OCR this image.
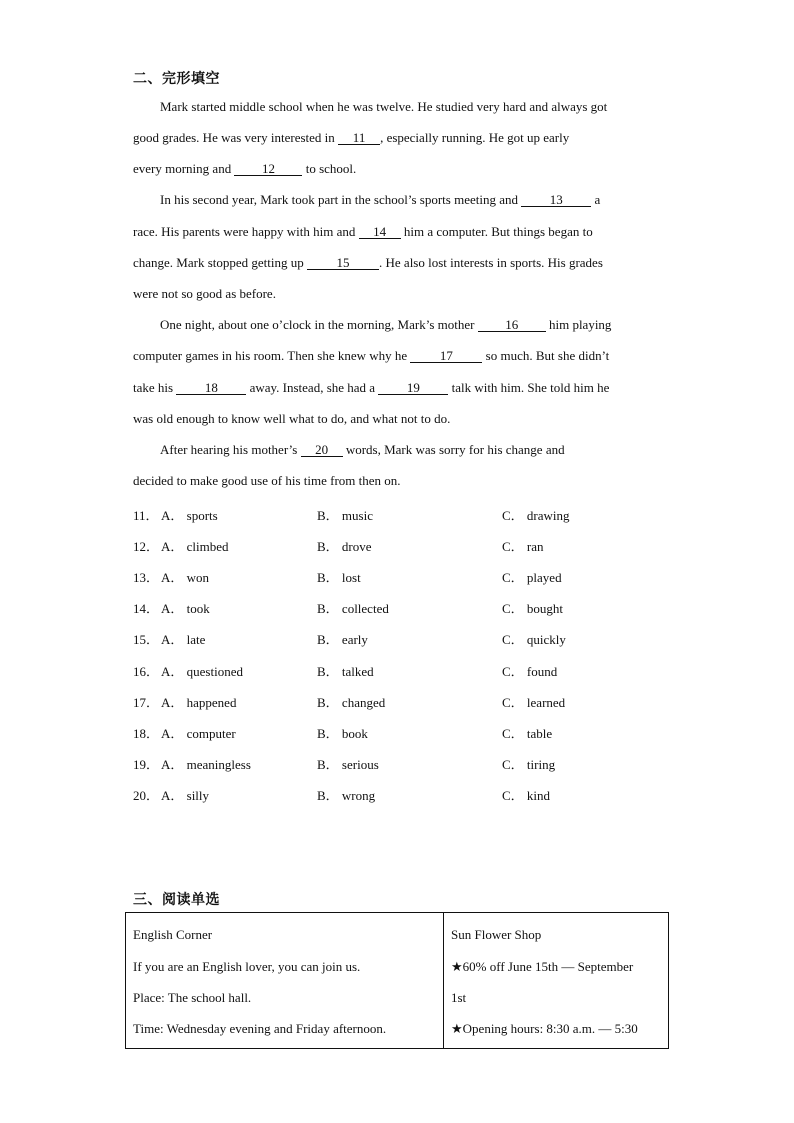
二、完形填空
Mark started middle school when he was twelve. He studied very hard and always got
good grades. He was very interested in 11 , especially running. He got up early
every morning and 12 to school.
In his second year, Mark took part in the school’s sports meeting and 13 a
race. His parents were happy with him and 14 him a computer. But things began to
change. Mark stopped getting up 15 . He also lost interests in sports. His grades
were not so good as before.
One night, about one o’clock in the morning, Mark’s mother 16 him playing
computer games in his room. Then she knew why he 17 so much. But she didn’t
take his 18 away. Instead, she had a 19 talk with him. She told him he
was old enough to know well what to do, and what not to do.
After hearing his mother’s 20 words, Mark was sorry for his change and
decided to make good use of his time from then on.
11． A． sports	B． music	C． drawing
12． A． climbed	B． drove	C． ran
13． A． won	B． lost	C． played
14． A． took	B． collected	C． bought
15． A． late	B． early	C． quickly
16． A． questioned	B． talked	C． found
17． A． happened	B． changed	C． learned
18． A． computer	B． book	C． table
19． A． meaningless	B． serious	C． tiring
20． A． silly	B． wrong	C． kind
三、阅读单选
English Corner
If you are an English lover, you can join us.
Place: The school hall.
Time: Wednesday evening and Friday afternoon.

Sun Flower Shop
★60% off June 15th — September
1st
★Opening hours: 8:30 a.m. — 5:30
